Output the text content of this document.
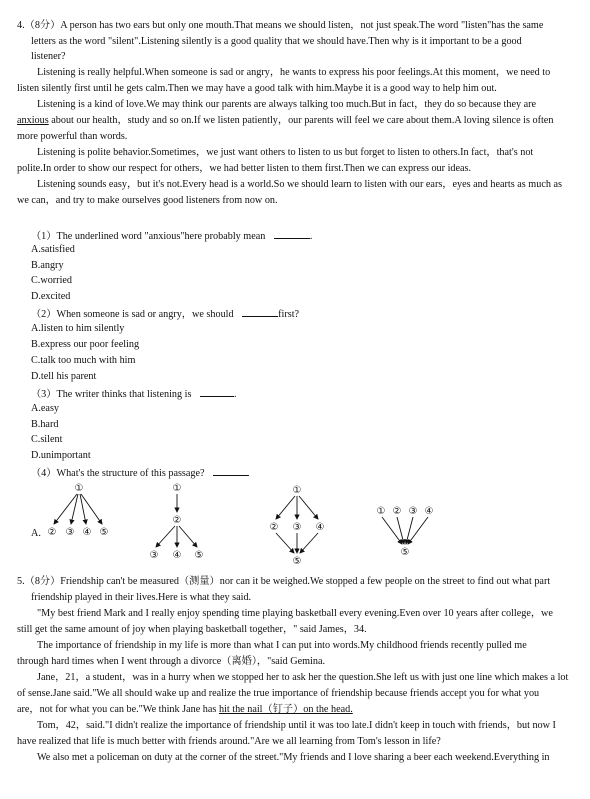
4.（8分）A person has two ears but only one mouth.That means we should listen，not just speak.The word "listen"has the same
letters as the word "silent".Listening silently is a good quality that we should have.Then why is it important to be a good
listener?
Listening is really helpful.When someone is sad or angry，he wants to express his poor feelings.At this moment，we need to
listen silently first until he gets calm.Then we may have a good talk with him.Maybe it is a good way to help him out.
Listening is a kind of love.We may think our parents are always talking too much.But in fact，they do so because they are
anxious about our health，study and so on.If we listen patiently，our parents will feel we care about them.A loving silence is often
more powerful than words.
Listening is polite behavior.Sometimes，we just want others to listen to us but forget to listen to others.In fact，that's not
polite.In order to show our respect for others，we had better listen to them first.Then we can express our ideas.
Listening sounds easy，but it's not.Every head is a world.So we should learn to listen with our ears，eyes and hearts as much as
we can，and try to make ourselves good listeners from now on.
（1）The underlined word "anxious"here probably mean	.
A.satisfied
B.angry
C.worried
D.excited
（2）When someone is sad or angry，we should	first?
A.listen to him silently
B.express our poor feeling
C.talk too much with him
D.tell his parent
（3）The writer thinks that listening is	.
A.easy
B.hard
C.silent
D.unimportant
（4）What's the structure of this passage?
A.
①
② ③ ④ ⑤
①
②
③ ④ ⑤
①
② ③ ④
⑤
① ② ③ ④
⑤
5.（8分）Friendship can't be measured（测量）nor can it be weighed.We stopped a few people on the street to find out what part
friendship played in their lives.Here is what they said.
"My best friend Mark and I really enjoy spending time playing basketball every evening.Even over 10 years after college，we
still get the same amount of joy when playing basketball together，" said James，34.
The importance of friendship in my life is more than what I can put into words.My childhood friends recently pulled me
through hard times when I went through a divorce（离婚），"said Gemina.
Jane，21，a student，was in a hurry when we stopped her to ask her the question.She left us with just one line which makes a lot
of sense.Jane said."We all should wake up and realize the true importance of friendship because friends accept you for what you
are，not for what you can be."We think Jane has hit the nail（钉子）on the head.
Tom，42，said."I didn't realize the importance of friendship until it was too late.I didn't keep in touch with friends，but now I
have realized that life is much better with friends around."Are we all learning from Tom's lesson in life?
We also met a policeman on duty at the corner of the street."My friends and I love sharing a beer each weekend.Everything in
